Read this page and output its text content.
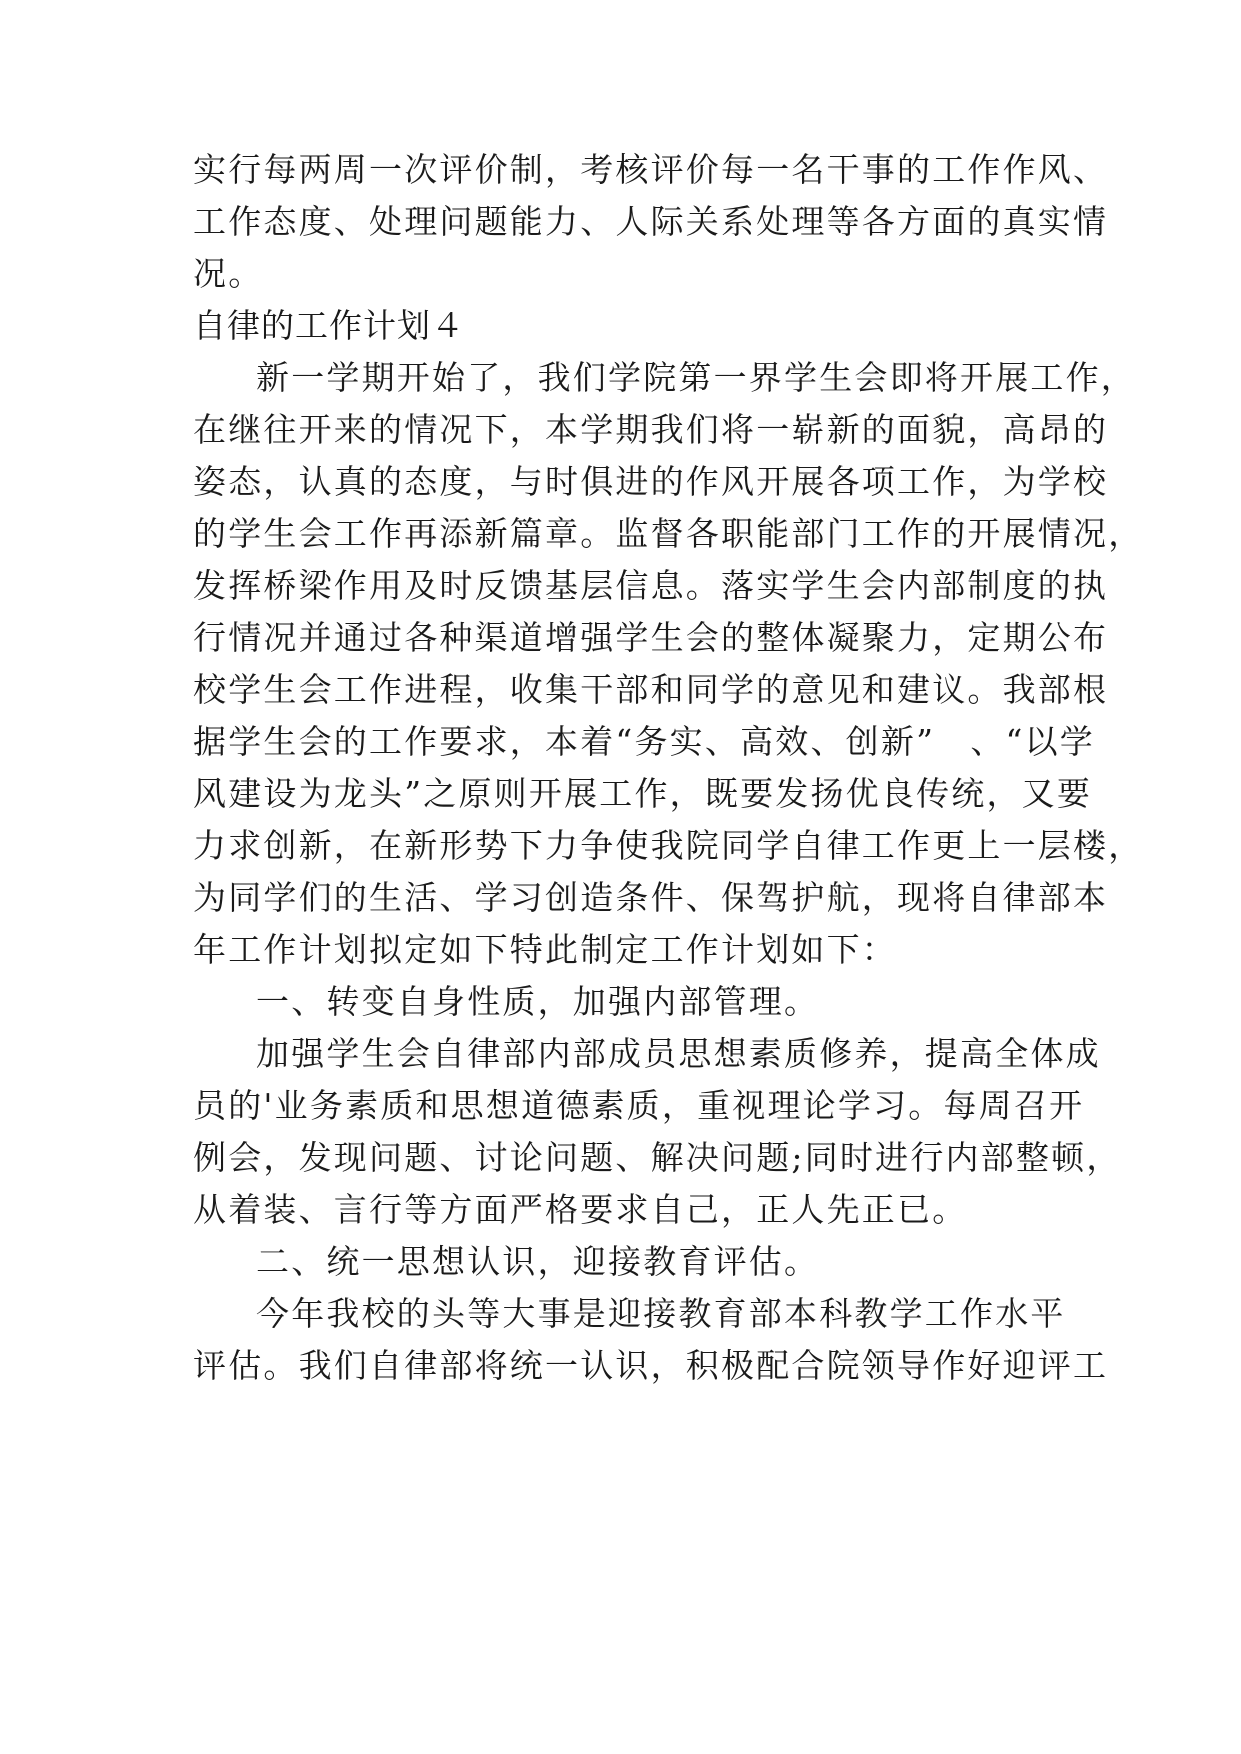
实行每两周一次评价制，考核评价每一名干事的工作作风、
工作态度、处理问题能力、人际关系处理等各方面的真实情
况。
自律的工作计划４
新一学期开始了，我们学院第一界学生会即将开展工作，
在继往开来的情况下，本学期我们将一崭新的面貌，高昂的
姿态，认真的态度，与时俱进的作风开展各项工作，为学校
的学生会工作再添新篇章。监督各职能部门工作的开展情况，
发挥桥梁作用及时反馈基层信息。落实学生会内部制度的执
行情况并通过各种渠道增强学生会的整体凝聚力，定期公布
校学生会工作进程，收集干部和同学的意见和建议。我部根
据学生会的工作要求，本着“务实、高效、创新”　、“以学
风建设为龙头”之原则开展工作，既要发扬优良传统，又要
力求创新，在新形势下力争使我院同学自律工作更上一层楼，
为同学们的生活、学习创造条件、保驾护航，现将自律部本
年工作计划拟定如下特此制定工作计划如下：
一、转变自身性质，加强内部管理。
加强学生会自律部内部成员思想素质修养，提高全体成
员的'业务素质和思想道德素质，重视理论学习。每周召开
例会，发现问题、讨论问题、解决问题;同时进行内部整顿，
从着装、言行等方面严格要求自己，正人先正已。
二、统一思想认识，迎接教育评估。
今年我校的头等大事是迎接教育部本科教学工作水平
评估。我们自律部将统一认识，积极配合院领导作好迎评工
